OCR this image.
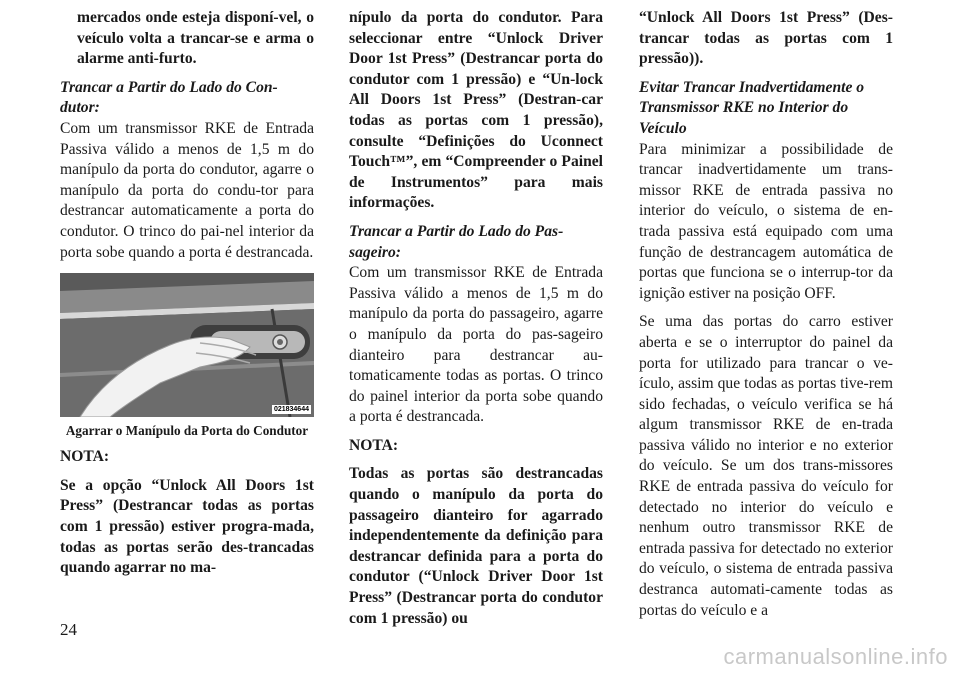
mercados onde esteja disponí-vel, o veículo volta a trancar-se e arma o alarme anti-furto.

Trancar a Partir do Lado do Con-dutor:

Com um transmissor RKE de Entrada Passiva válido a menos de 1,5 m do manípulo da porta do condutor, agarre o manípulo da porta do condu-tor para destrancar automaticamente a porta do condutor. O trinco do pai-nel interior da porta sobe quando a porta é destrancada.

021834644

Agarrar o Manípulo da Porta do Condutor

NOTA:

Se a opção “Unlock All Doors 1st Press” (Destrancar todas as portas com 1 pressão) estiver progra-mada, todas as portas serão des-trancadas quando agarrar no ma-

nípulo da porta do condutor. Para seleccionar entre “Unlock Driver Door 1st Press” (Destrancar porta do condutor com 1 pressão) e “Un-lock All Doors 1st Press” (Destran-car todas as portas com 1 pressão), consulte “Definições do Uconnect Touch™”, em “Compreender o Painel de Instrumentos” para mais informações.

Trancar a Partir do Lado do Pas-sageiro:

Com um transmissor RKE de Entrada Passiva válido a menos de 1,5 m do manípulo da porta do passageiro, agarre o manípulo da porta do pas-sageiro dianteiro para destrancar au-tomaticamente todas as portas. O trinco do painel interior da porta sobe quando a porta é destrancada.

NOTA:

Todas as portas são destrancadas quando o manípulo da porta do passageiro dianteiro for agarrado independentemente da definição para destrancar definida para a porta do condutor (“Unlock Driver Door 1st Press” (Destrancar porta do condutor com 1 pressão) ou

“Unlock All Doors 1st Press” (Des-trancar todas as portas com 1 pressão)).

Evitar Trancar Inadvertidamente o Transmissor RKE no Interior do Veículo

Para minimizar a possibilidade de trancar inadvertidamente um trans-missor RKE de entrada passiva no interior do veículo, o sistema de en-trada passiva está equipado com uma função de destrancagem automática de portas que funciona se o interrup-tor da ignição estiver na posição OFF.

Se uma das portas do carro estiver aberta e se o interruptor do painel da porta for utilizado para trancar o ve-ículo, assim que todas as portas tive-rem sido fechadas, o veículo verifica se há algum transmissor RKE de en-trada passiva válido no interior e no exterior do veículo. Se um dos trans-missores RKE de entrada passiva do veículo for detectado no interior do veículo e nenhum outro transmissor RKE de entrada passiva for detectado no exterior do veículo, o sistema de entrada passiva destranca automati-camente todas as portas do veículo e a

24
carmanualsonline.info
